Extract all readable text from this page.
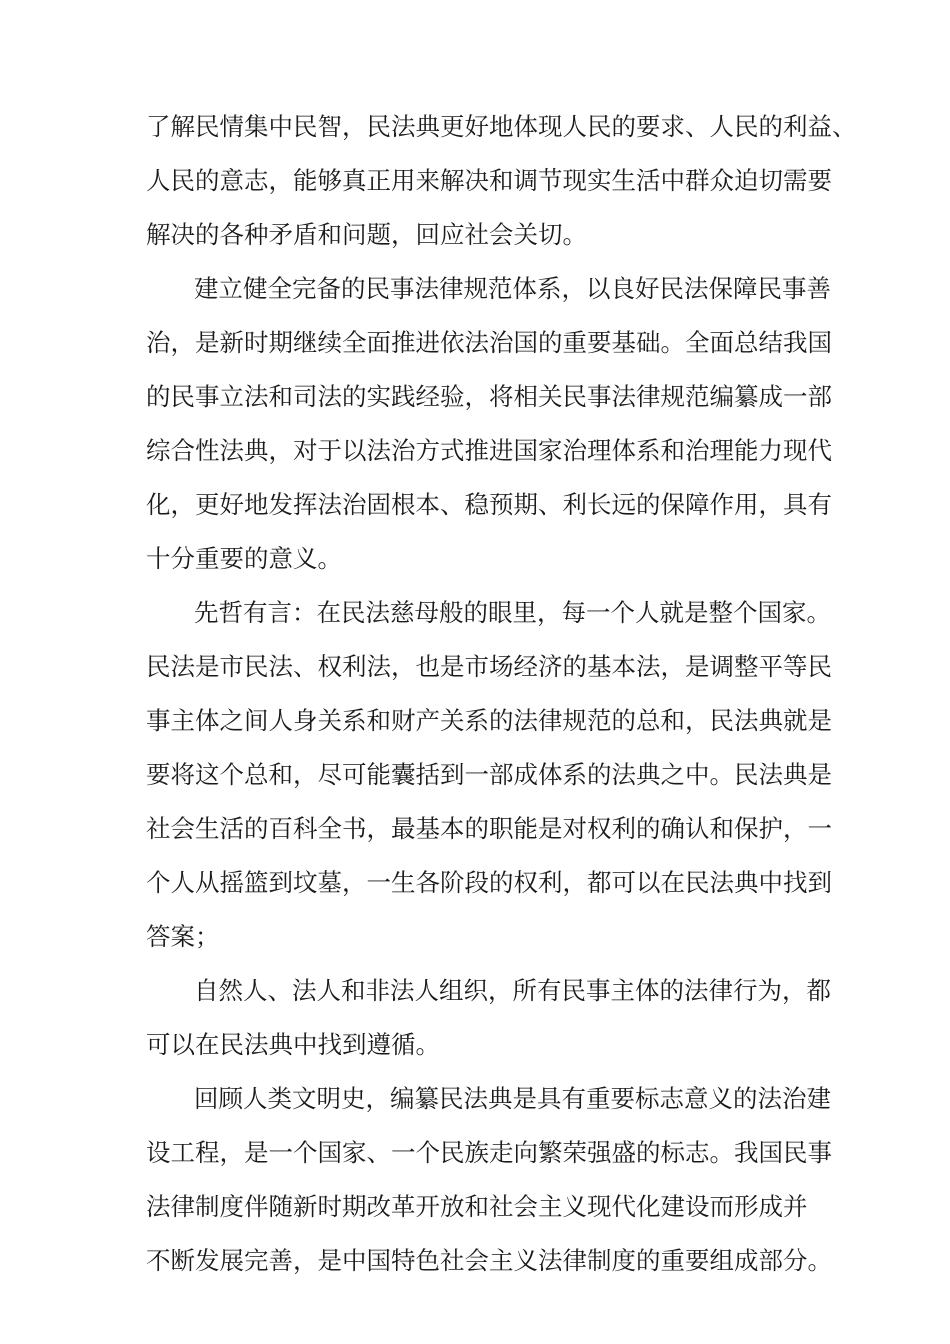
了解民情集中民智，民法典更好地体现人民的要求、人民的利益、
人民的意志，能够真正用来解决和调节现实生活中群众迫切需要
解决的各种矛盾和问题，回应社会关切。
建立健全完备的民事法律规范体系，以良好民法保障民事善
治，是新时期继续全面推进依法治国的重要基础。全面总结我国
的民事立法和司法的实践经验，将相关民事法律规范编纂成一部
综合性法典，对于以法治方式推进国家治理体系和治理能力现代
化，更好地发挥法治固根本、稳预期、利长远的保障作用，具有
十分重要的意义。
先哲有言：在民法慈母般的眼里，每一个人就是整个国家。
民法是市民法、权利法，也是市场经济的基本法，是调整平等民
事主体之间人身关系和财产关系的法律规范的总和，民法典就是
要将这个总和，尽可能囊括到一部成体系的法典之中。民法典是
社会生活的百科全书，最基本的职能是对权利的确认和保护，一
个人从摇篮到坟墓，一生各阶段的权利，都可以在民法典中找到
答案；
自然人、法人和非法人组织，所有民事主体的法律行为，都
可以在民法典中找到遵循。
回顾人类文明史，编纂民法典是具有重要标志意义的法治建
设工程，是一个国家、一个民族走向繁荣强盛的标志。我国民事
法律制度伴随新时期改革开放和社会主义现代化建设而形成并
不断发展完善，是中国特色社会主义法律制度的重要组成部分。
